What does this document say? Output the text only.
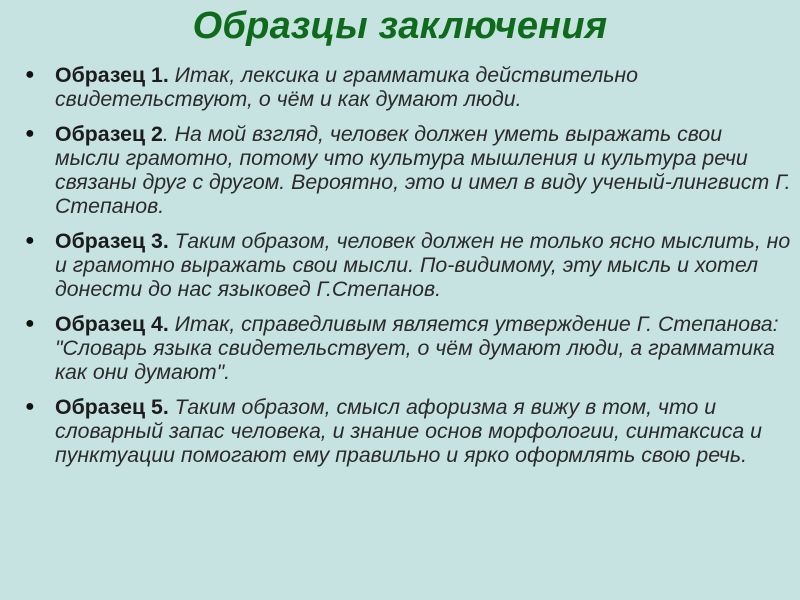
Образцы заключения
● Образец 1. Итак, лексика и грамматика действительно свидетельствуют, о чём и как думают люди.
● Образец 2. На мой взгляд, человек должен уметь выражать свои мысли грамотно, потому что культура мышления и культура речи связаны друг с другом. Вероятно, это и имел в виду ученый-лингвист Г. Степанов.
● Образец 3. Таким образом, человек должен не только ясно мыслить, но и грамотно выражать свои мысли. По-видимому, эту мысль и хотел донести до нас языковед Г.Степанов.
● Образец 4. Итак, справедливым является утверждение Г. Степанова: "Словарь языка свидетельствует, о чём думают люди, а грамматика как они думают".
● Образец 5. Таким образом, смысл афоризма я вижу в том, что и словарный запас человека, и знание основ морфологии, синтаксиса и пунктуации помогают ему правильно и ярко оформлять свою речь.
